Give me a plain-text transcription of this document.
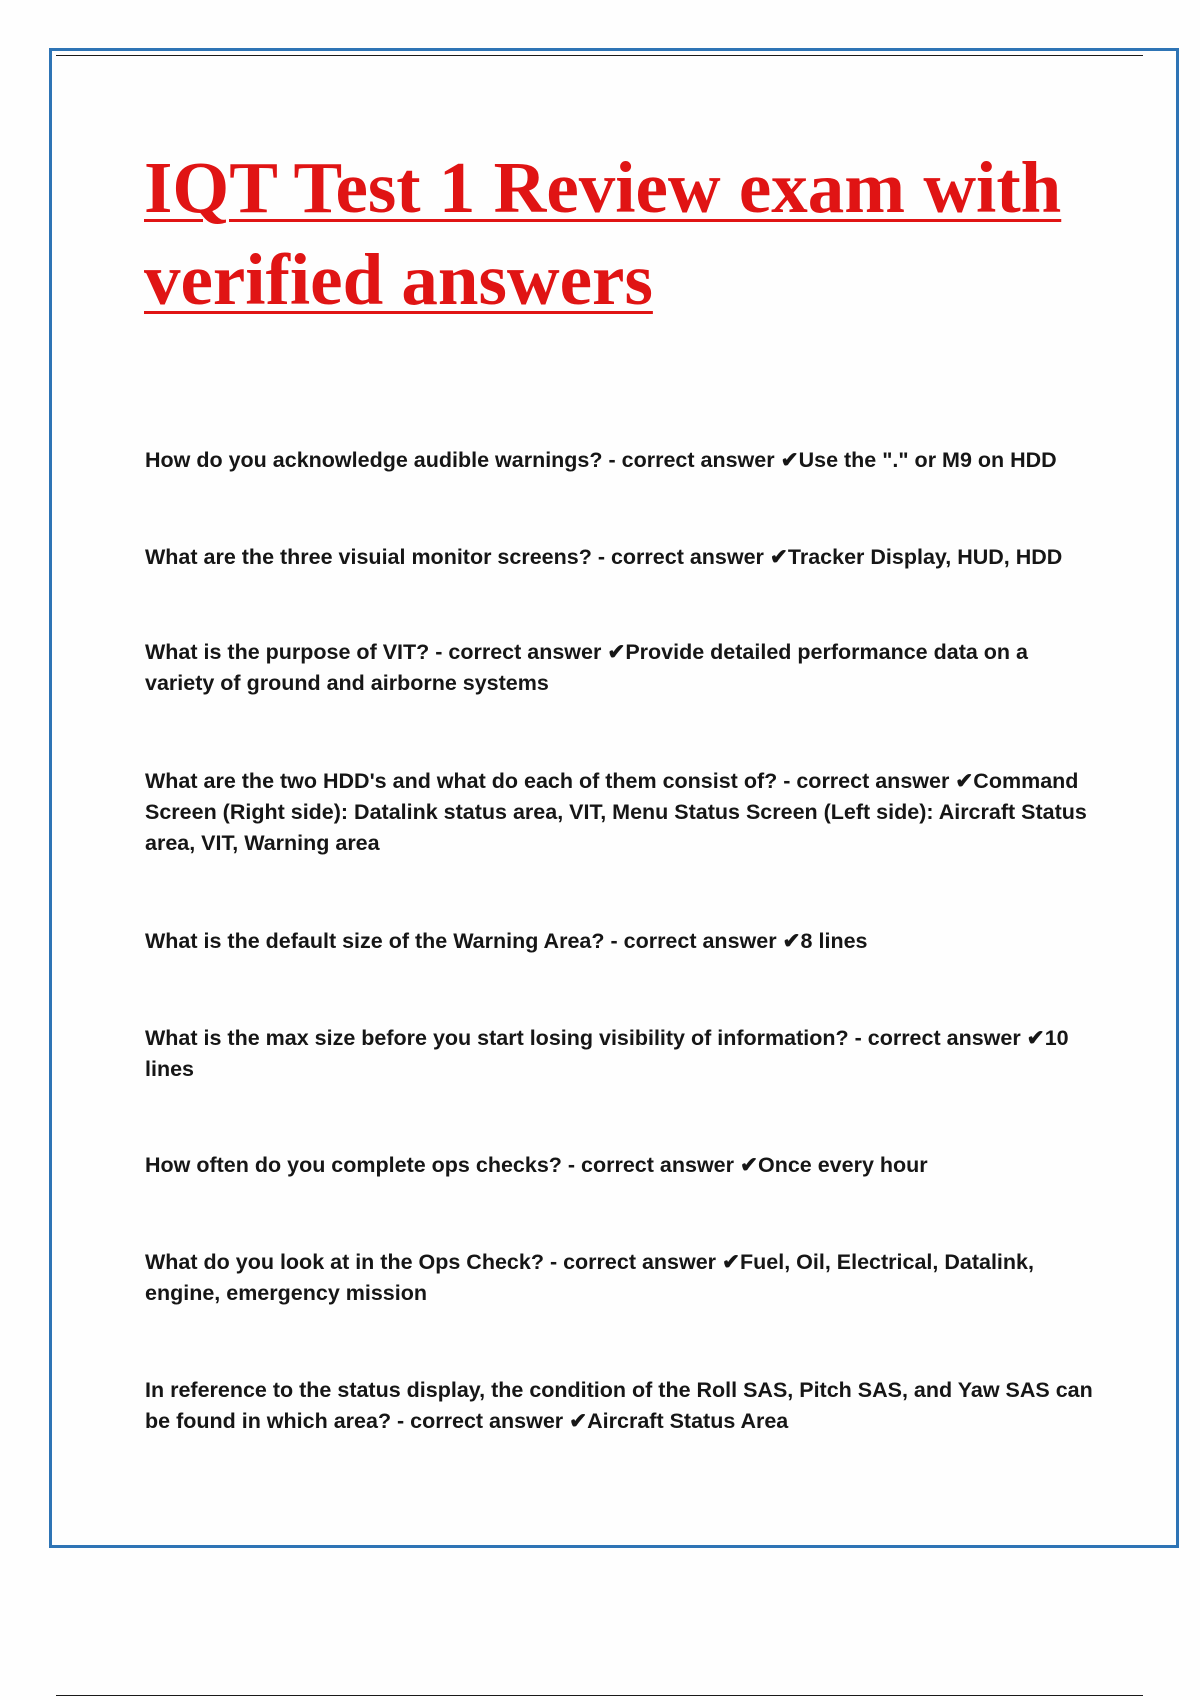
IQT Test 1 Review exam with verified answers
How do you acknowledge audible warnings? - correct answer ✔Use the "." or M9 on HDD
What are the three visuial monitor screens? - correct answer ✔Tracker Display, HUD, HDD
What is the purpose of VIT? - correct answer ✔Provide detailed performance data on a variety of ground and airborne systems
What are the two HDD's and what do each of them consist of? - correct answer ✔Command Screen (Right side): Datalink status area, VIT, Menu Status Screen (Left side): Aircraft Status area, VIT, Warning area
What is the default size of the Warning Area? - correct answer ✔8 lines
What is the max size before you start losing visibility of information? - correct answer ✔10 lines
How often do you complete ops checks? - correct answer ✔Once every hour
What do you look at in the Ops Check? - correct answer ✔Fuel, Oil, Electrical, Datalink, engine, emergency mission
In reference to the status display, the condition of the Roll SAS, Pitch SAS, and Yaw SAS can be found in which area? - correct answer ✔Aircraft Status Area
